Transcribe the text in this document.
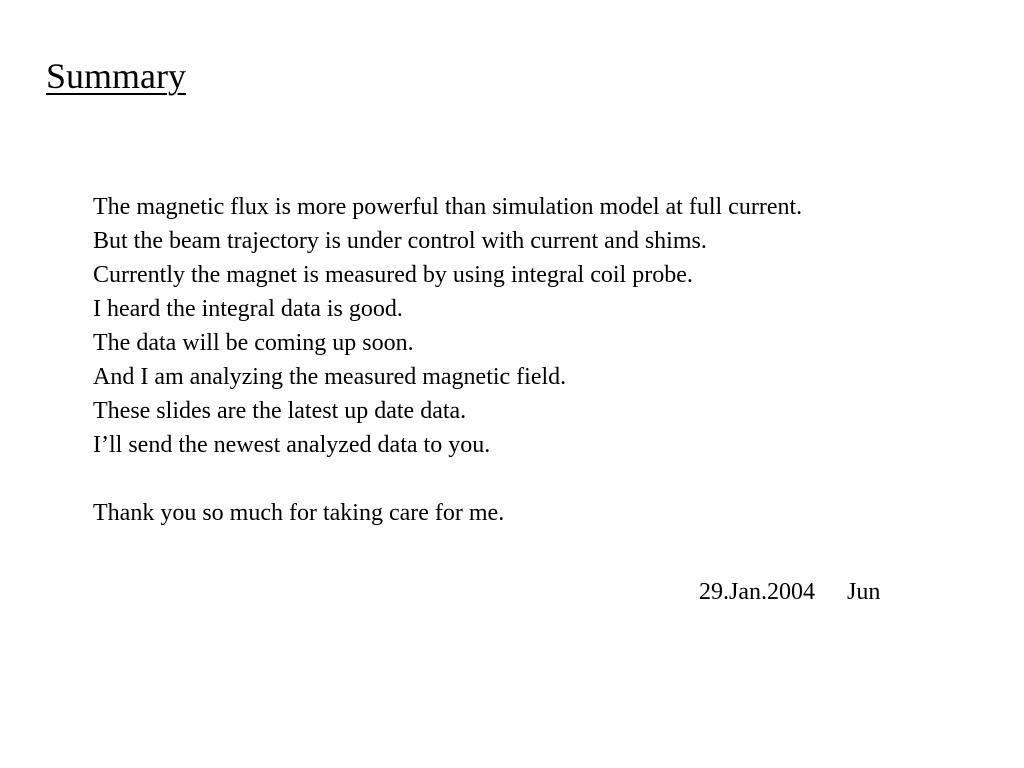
Summary
The magnetic flux is more powerful than simulation model at full current.
But the beam trajectory is under control with current and shims.
Currently the magnet is measured by using integral coil probe.
I heard the integral data is good.
The data will be coming up soon.
And I am analyzing the measured magnetic field.
These slides are the latest up date data.
I’ll send the newest analyzed data to you.
Thank you so much for taking care for me.
29.Jan.2004 Jun
